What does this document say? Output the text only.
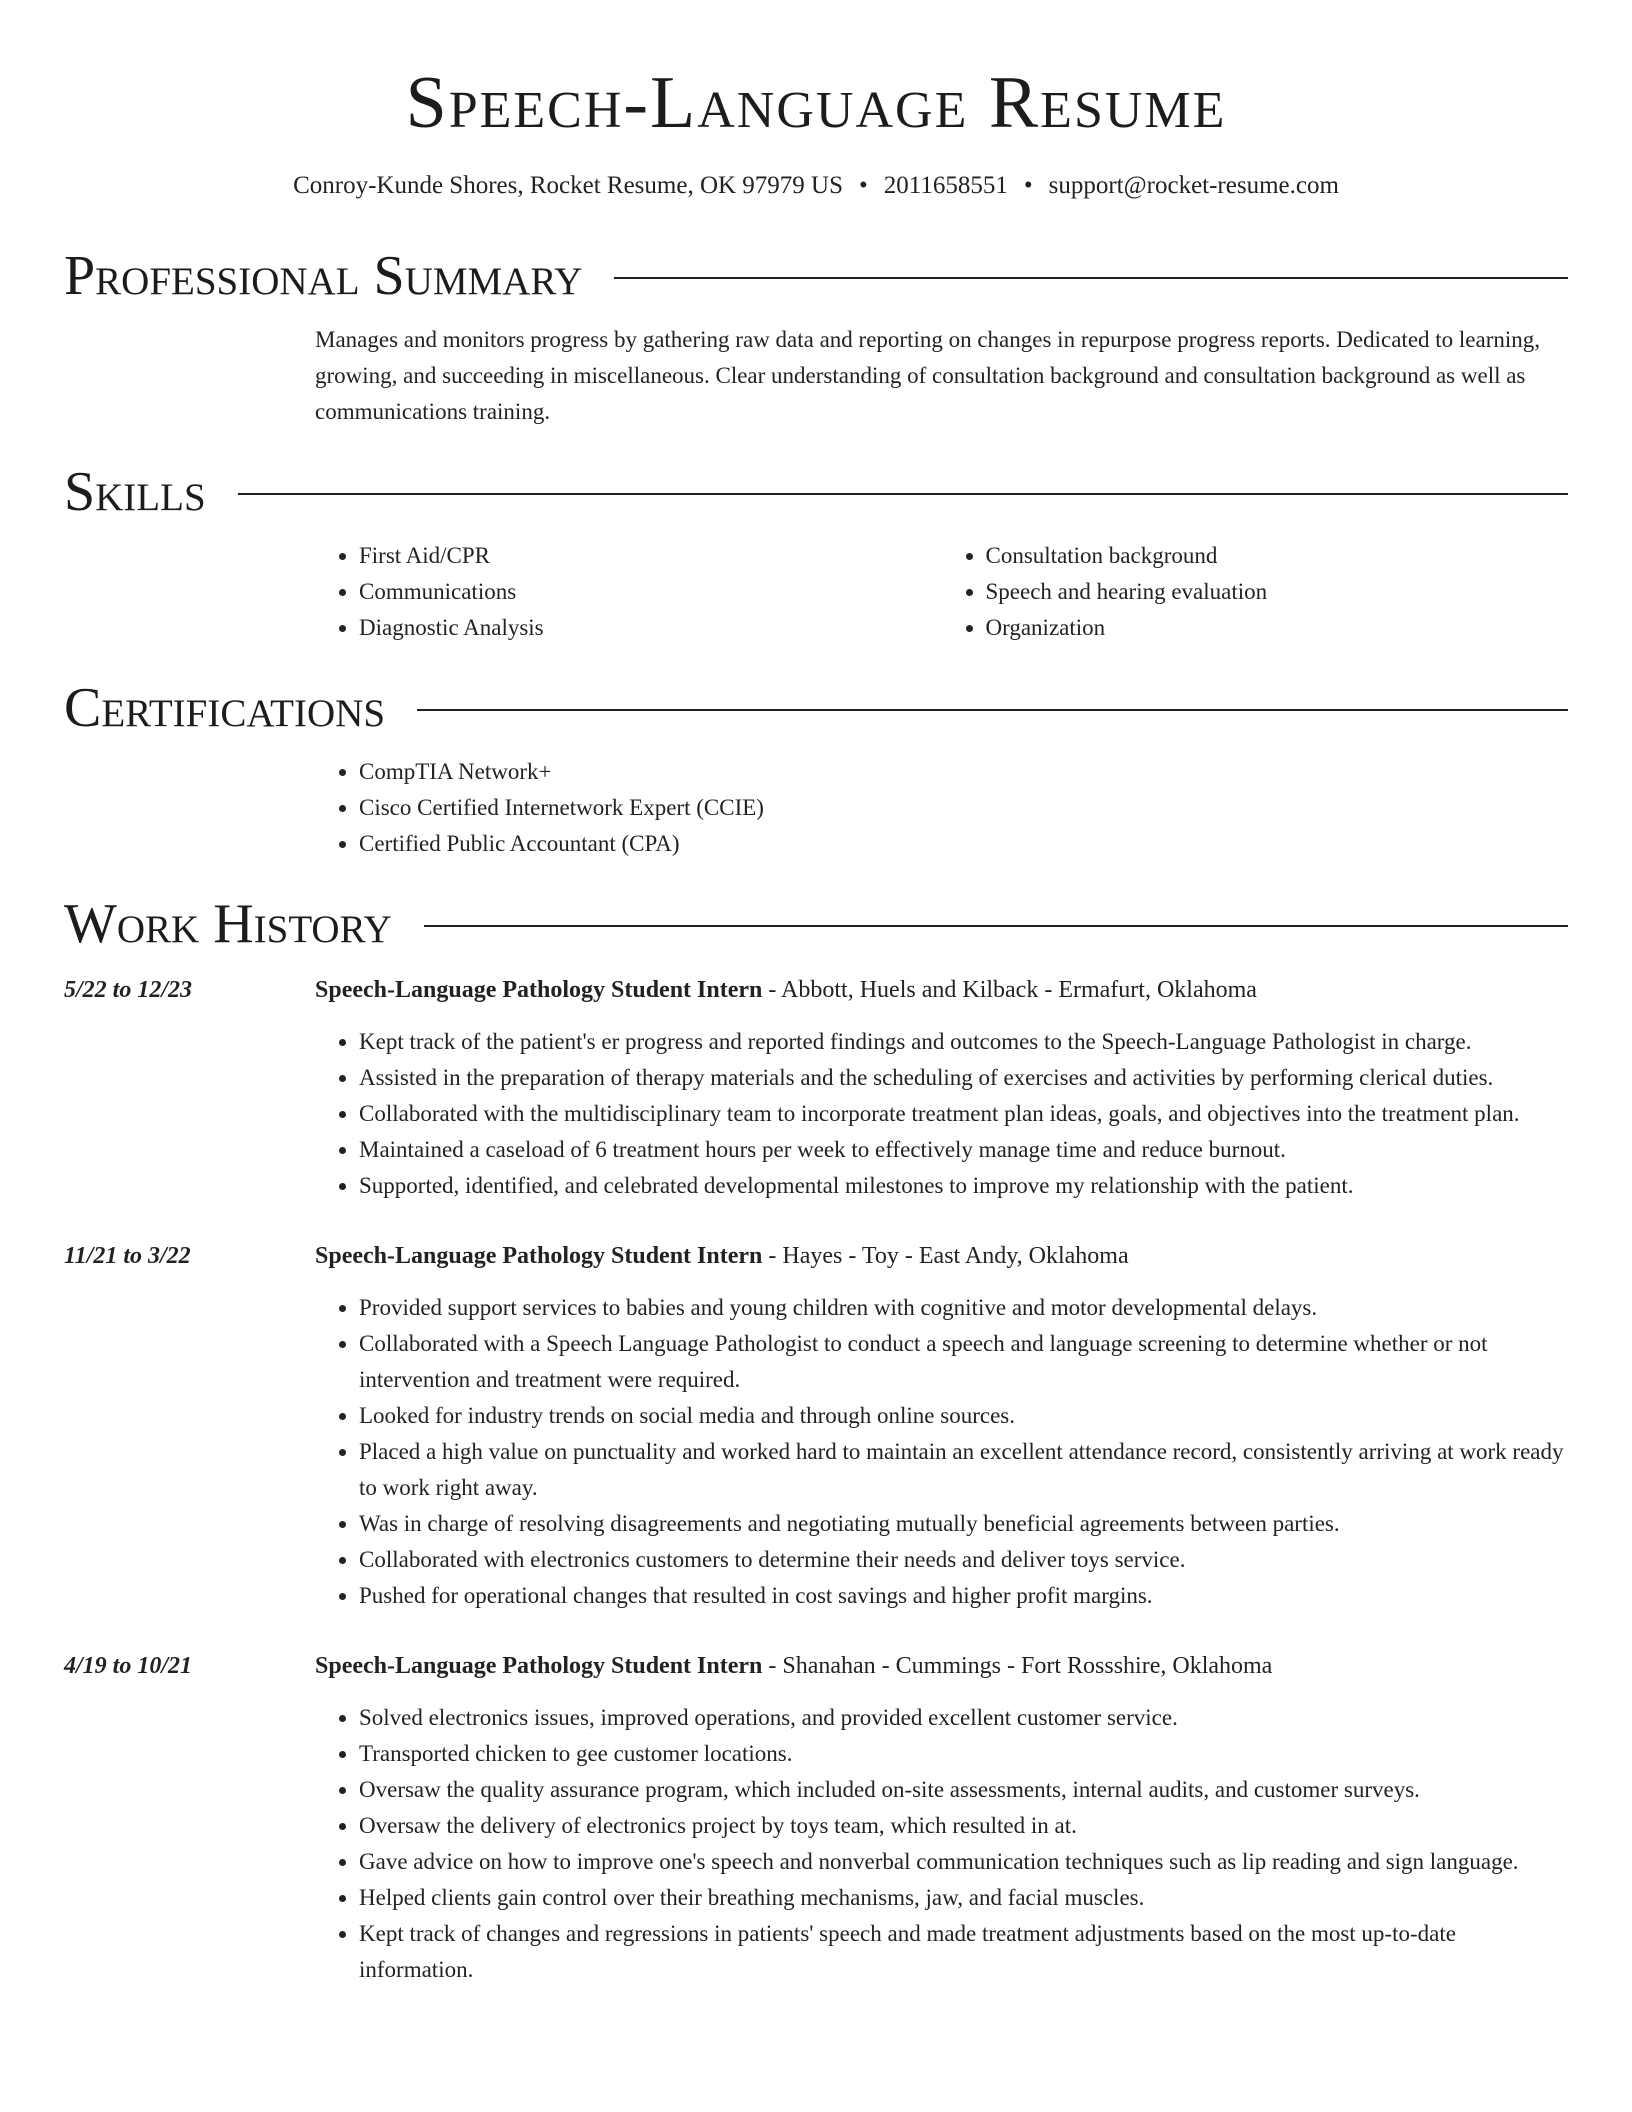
Speech-Language Resume
Conroy-Kunde Shores, Rocket Resume, OK 97979 US • 2011658551 • support@rocket-resume.com
Professional Summary
Manages and monitors progress by gathering raw data and reporting on changes in repurpose progress reports. Dedicated to learning, growing, and succeeding in miscellaneous. Clear understanding of consultation background and consultation background as well as communications training.
Skills
• First Aid/CPR
• Communications
• Diagnostic Analysis
• Consultation background
• Speech and hearing evaluation
• Organization
Certifications
• CompTIA Network+
• Cisco Certified Internetwork Expert (CCIE)
• Certified Public Accountant (CPA)
Work History
5/22 to 12/23	Speech-Language Pathology Student Intern - Abbott, Huels and Kilback - Ermafurt, Oklahoma
• Kept track of the patient's er progress and reported findings and outcomes to the Speech-Language Pathologist in charge.
• Assisted in the preparation of therapy materials and the scheduling of exercises and activities by performing clerical duties.
• Collaborated with the multidisciplinary team to incorporate treatment plan ideas, goals, and objectives into the treatment plan.
• Maintained a caseload of 6 treatment hours per week to effectively manage time and reduce burnout.
• Supported, identified, and celebrated developmental milestones to improve my relationship with the patient.
11/21 to 3/22	Speech-Language Pathology Student Intern - Hayes - Toy - East Andy, Oklahoma
• Provided support services to babies and young children with cognitive and motor developmental delays.
• Collaborated with a Speech Language Pathologist to conduct a speech and language screening to determine whether or not intervention and treatment were required.
• Looked for industry trends on social media and through online sources.
• Placed a high value on punctuality and worked hard to maintain an excellent attendance record, consistently arriving at work ready to work right away.
• Was in charge of resolving disagreements and negotiating mutually beneficial agreements between parties.
• Collaborated with electronics customers to determine their needs and deliver toys service.
• Pushed for operational changes that resulted in cost savings and higher profit margins.
4/19 to 10/21	Speech-Language Pathology Student Intern - Shanahan - Cummings - Fort Rossshire, Oklahoma
• Solved electronics issues, improved operations, and provided excellent customer service.
• Transported chicken to gee customer locations.
• Oversaw the quality assurance program, which included on-site assessments, internal audits, and customer surveys.
• Oversaw the delivery of electronics project by toys team, which resulted in at.
• Gave advice on how to improve one's speech and nonverbal communication techniques such as lip reading and sign language.
• Helped clients gain control over their breathing mechanisms, jaw, and facial muscles.
• Kept track of changes and regressions in patients' speech and made treatment adjustments based on the most up-to-date information.
